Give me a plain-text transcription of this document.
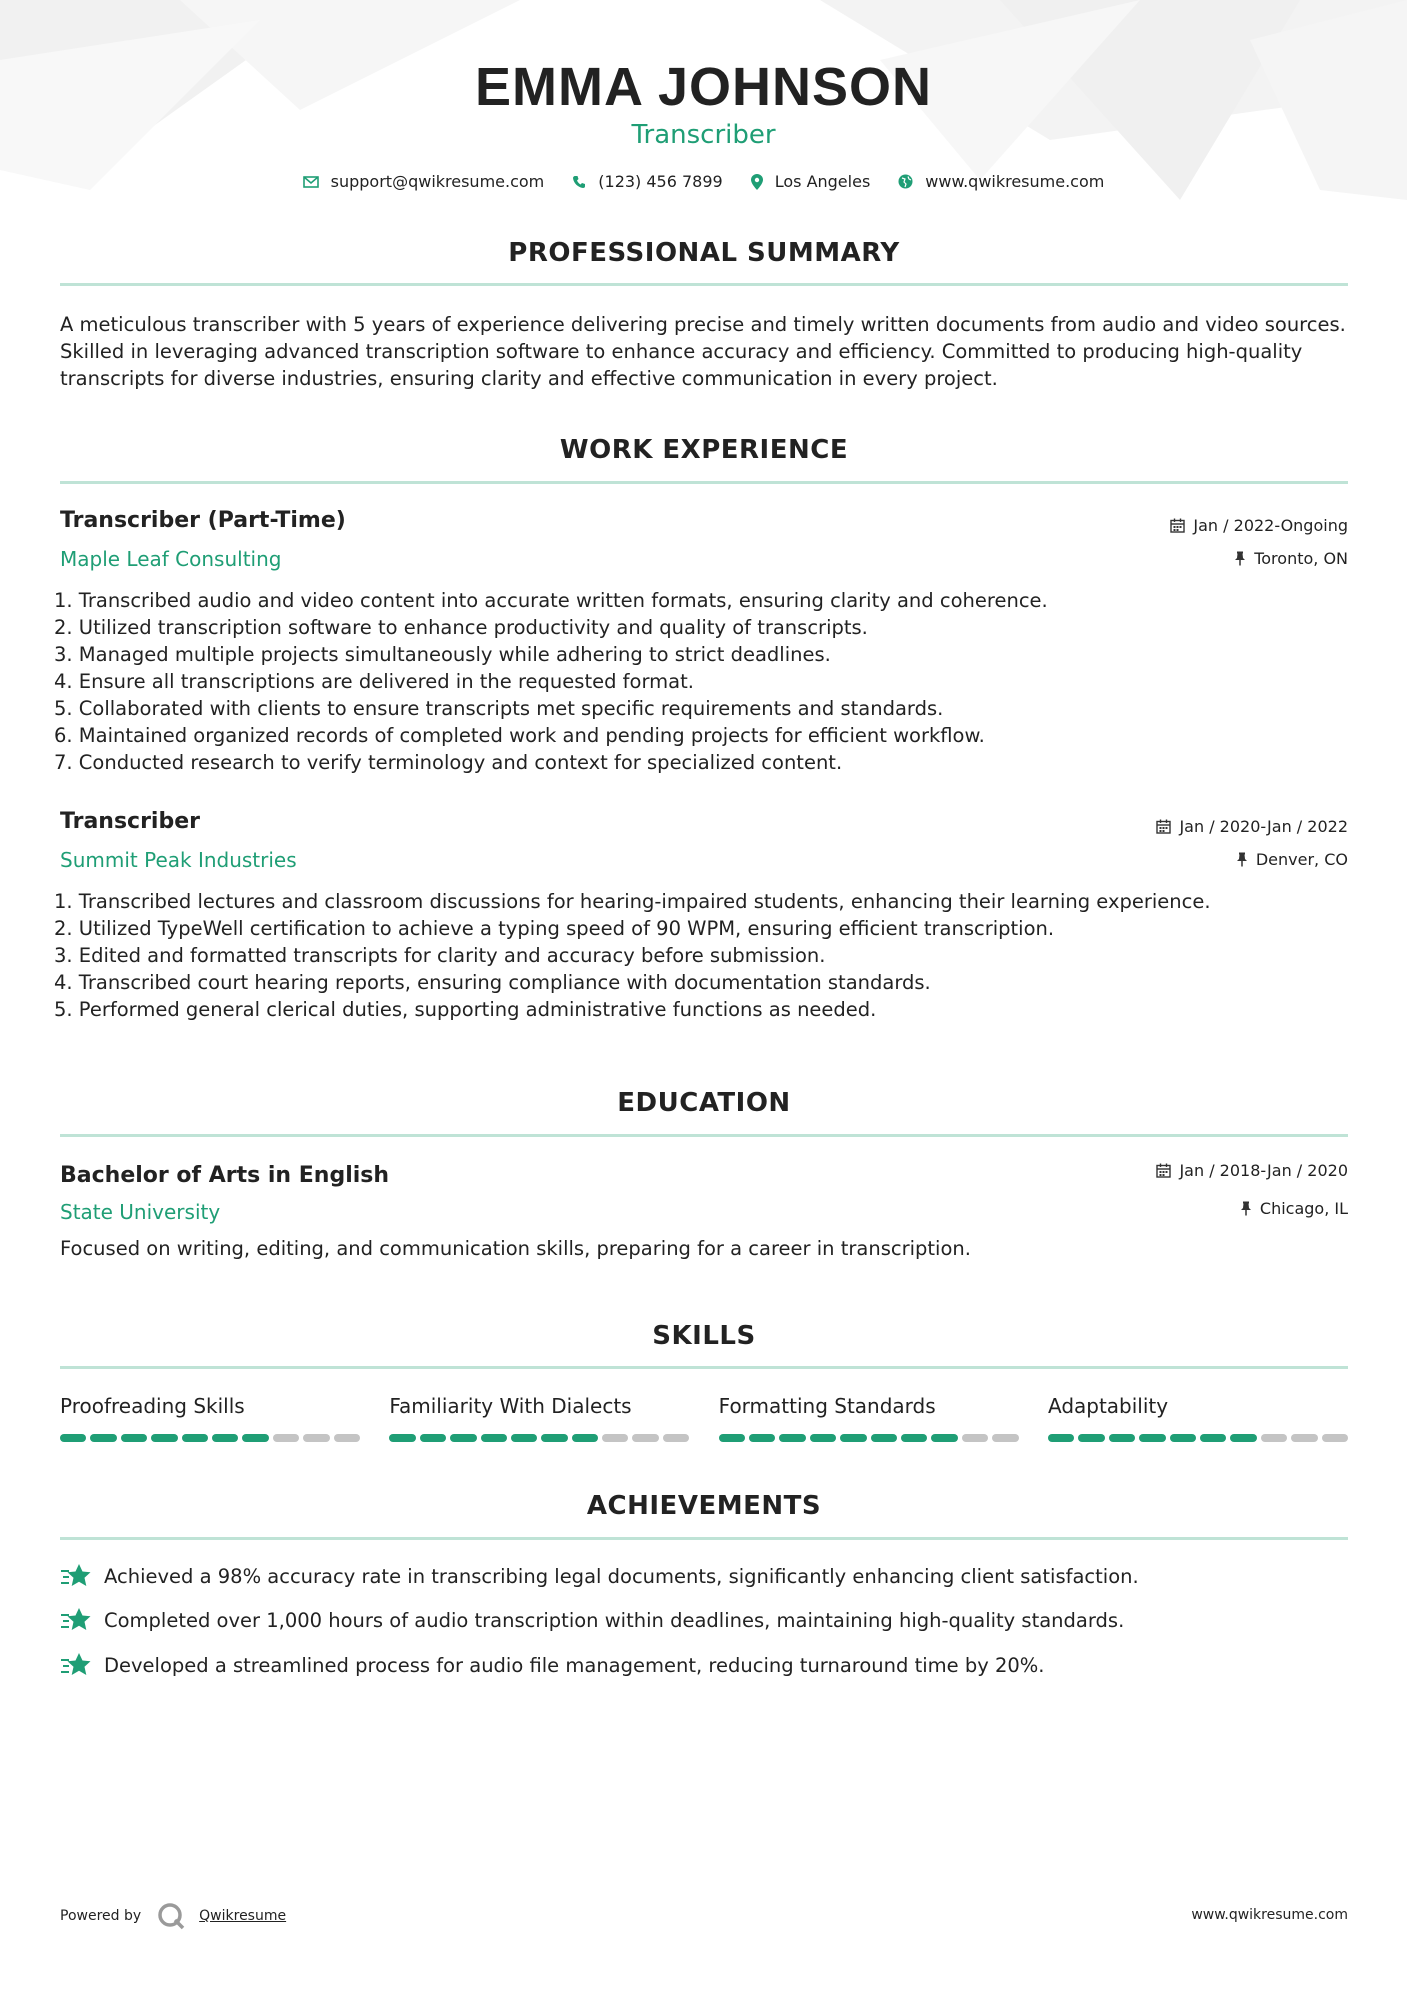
EMMA JOHNSON
Transcriber
support@qwikresume.com	(123) 456 7899	Los Angeles	www.qwikresume.com
PROFESSIONAL SUMMARY
A meticulous transcriber with 5 years of experience delivering precise and timely written documents from audio and video sources. Skilled in leveraging advanced transcription software to enhance accuracy and efficiency. Committed to producing high-quality transcripts for diverse industries, ensuring clarity and effective communication in every project.
WORK EXPERIENCE
Transcriber (Part-Time)
Maple Leaf Consulting
Jan / 2022-Ongoing
Toronto, ON
1. Transcribed audio and video content into accurate written formats, ensuring clarity and coherence.
2. Utilized transcription software to enhance productivity and quality of transcripts.
3. Managed multiple projects simultaneously while adhering to strict deadlines.
4. Ensure all transcriptions are delivered in the requested format.
5. Collaborated with clients to ensure transcripts met specific requirements and standards.
6. Maintained organized records of completed work and pending projects for efficient workflow.
7. Conducted research to verify terminology and context for specialized content.
Transcriber
Summit Peak Industries
Jan / 2020-Jan / 2022
Denver, CO
1. Transcribed lectures and classroom discussions for hearing-impaired students, enhancing their learning experience.
2. Utilized TypeWell certification to achieve a typing speed of 90 WPM, ensuring efficient transcription.
3. Edited and formatted transcripts for clarity and accuracy before submission.
4. Transcribed court hearing reports, ensuring compliance with documentation standards.
5. Performed general clerical duties, supporting administrative functions as needed.
EDUCATION
Bachelor of Arts in English
State University
Jan / 2018-Jan / 2020
Chicago, IL
Focused on writing, editing, and communication skills, preparing for a career in transcription.
SKILLS
Proofreading Skills	Familiarity With Dialects	Formatting Standards	Adaptability
ACHIEVEMENTS
Achieved a 98% accuracy rate in transcribing legal documents, significantly enhancing client satisfaction.
Completed over 1,000 hours of audio transcription within deadlines, maintaining high-quality standards.
Developed a streamlined process for audio file management, reducing turnaround time by 20%.
Powered by	Qwikresume	www.qwikresume.com
